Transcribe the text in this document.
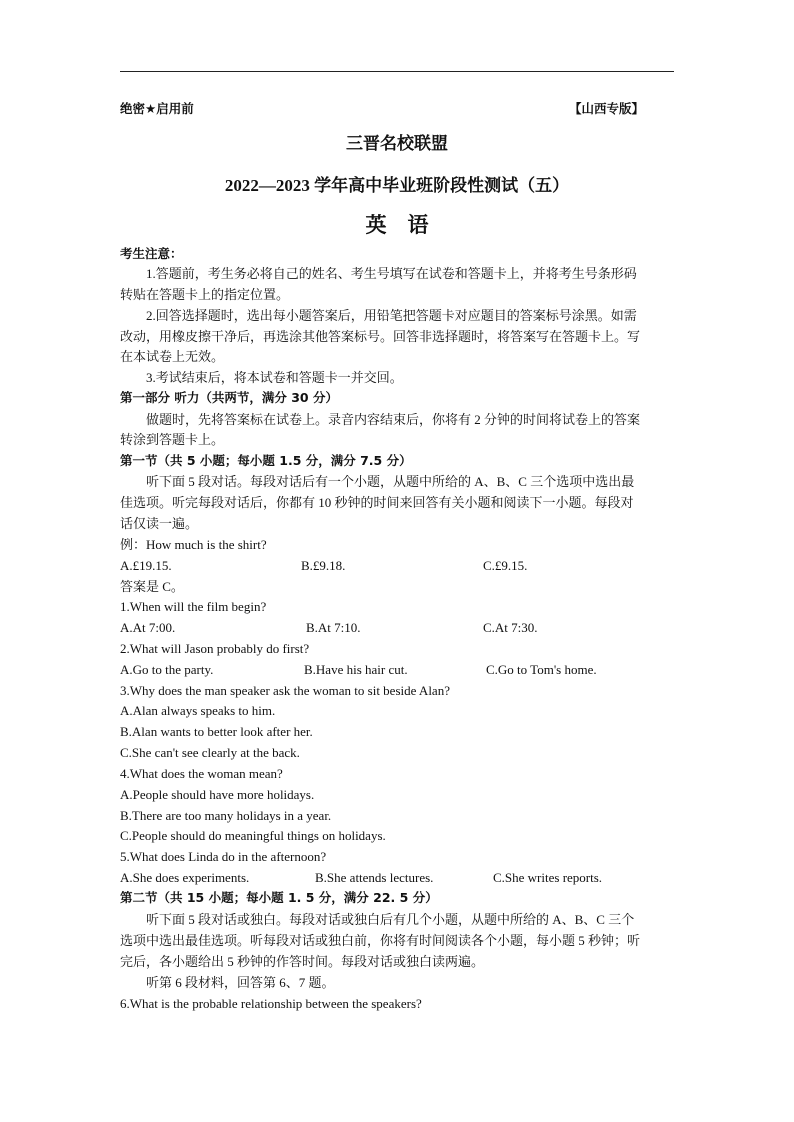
绝密★启用前	【山西专版】
三晋名校联盟
2022—2023 学年高中毕业班阶段性测试（五）
英　语
考生注意：
1.答题前，考生务必将自己的姓名、考生号填写在试卷和答题卡上，并将考生号条形码
转贴在答题卡上的指定位置。
2.回答选择题时，选出每小题答案后，用铅笔把答题卡对应题目的答案标号涂黑。如需
改动，用橡皮擦干净后，再选涂其他答案标号。回答非选择题时，将答案写在答题卡上。写
在本试卷上无效。
3.考试结束后，将本试卷和答题卡一并交回。
第一部分 听力（共两节，满分 30 分）
做题时，先将答案标在试卷上。录音内容结束后，你将有 2 分钟的时间将试卷上的答案
转涂到答题卡上。
第一节（共 5 小题；每小题 1.5 分，满分 7.5 分）
听下面 5 段对话。每段对话后有一个小题，从题中所给的 A、B、C 三个选项中选出最
佳选项。听完每段对话后，你都有 10 秒钟的时间来回答有关小题和阅读下一小题。每段对
话仅读一遍。
例：How much is the shirt?
A.£19.15.	B.£9.18.	C.£9.15.
答案是 C。
1.When will the film begin?
A.At 7:00.	B.At 7:10.	C.At 7:30.
2.What will Jason probably do first?
A.Go to the party.	B.Have his hair cut.	C.Go to Tom's home.
3.Why does the man speaker ask the woman to sit beside Alan?
A.Alan always speaks to him.
B.Alan wants to better look after her.
C.She can't see clearly at the back.
4.What does the woman mean?
A.People should have more holidays.
B.There are too many holidays in a year.
C.People should do meaningful things on holidays.
5.What does Linda do in the afternoon?
A.She does experiments.	B.She attends lectures.	C.She writes reports.
第二节（共 15 小题；每小题 1. 5 分，满分 22. 5 分）
听下面 5 段对话或独白。每段对话或独白后有几个小题，从题中所给的 A、B、C 三个
选项中选出最佳选项。听每段对话或独白前，你将有时间阅读各个小题，每小题 5 秒钟；听
完后，各小题给出 5 秒钟的作答时间。每段对话或独白读两遍。
听第 6 段材料，回答第 6、7 题。
6.What is the probable relationship between the speakers?
